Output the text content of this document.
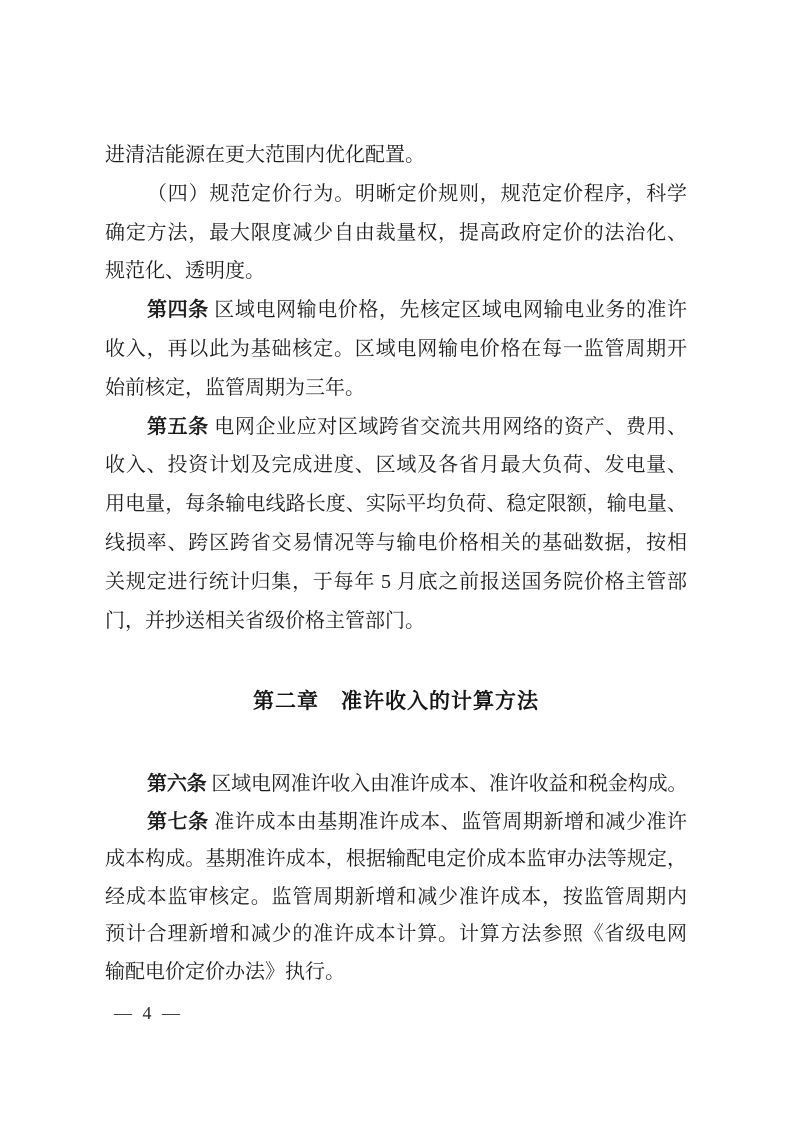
进清洁能源在更大范围内优化配置。
（四）规范定价行为。明晰定价规则，规范定价程序，科学
确定方法，最大限度减少自由裁量权，提高政府定价的法治化、
规范化、透明度。
第四条 区域电网输电价格，先核定区域电网输电业务的准许
收入，再以此为基础核定。区域电网输电价格在每一监管周期开
始前核定，监管周期为三年。
第五条 电网企业应对区域跨省交流共用网络的资产、费用、
收入、投资计划及完成进度、区域及各省月最大负荷、发电量、
用电量，每条输电线路长度、实际平均负荷、稳定限额，输电量、
线损率、跨区跨省交易情况等与输电价格相关的基础数据，按相
关规定进行统计归集，于每年 5 月底之前报送国务院价格主管部
门，并抄送相关省级价格主管部门。
第二章　准许收入的计算方法
第六条 区域电网准许收入由准许成本、准许收益和税金构成。
第七条 准许成本由基期准许成本、监管周期新增和减少准许
成本构成。基期准许成本，根据输配电定价成本监审办法等规定，
经成本监审核定。监管周期新增和减少准许成本，按监管周期内
预计合理新增和减少的准许成本计算。计算方法参照《省级电网
输配电价定价办法》执行。
— 4 —
